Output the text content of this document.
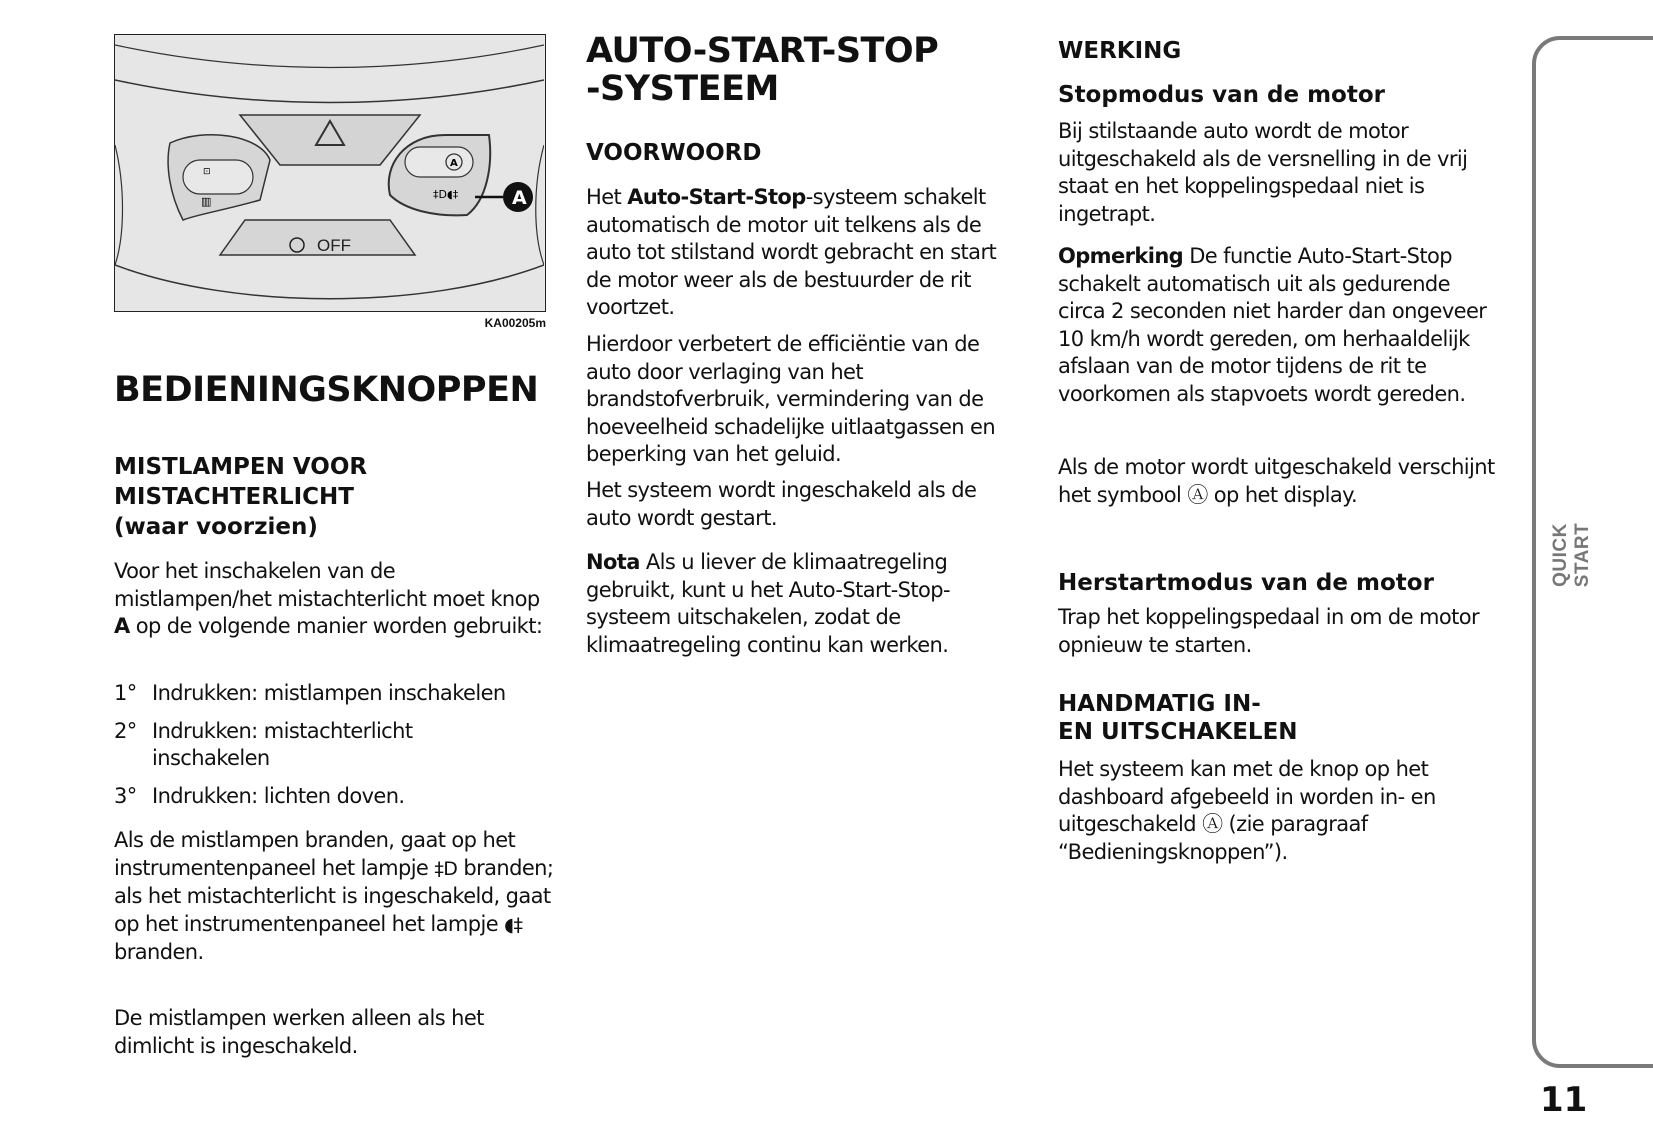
⊡
▥
A
‡D◖‡	A
OFF
KA00205m
BEDIENINGSKNOPPEN
MISTLAMPEN VOOR
MISTACHTERLICHT
(waar voorzien)

Voor het inschakelen van de mistlampen/het mistachterlicht moet knop A op de volgende manier worden gebruikt:

1° Indrukken: mistlampen inschakelen
2° Indrukken: mistachterlicht inschakelen
3° Indrukken: lichten doven.

Als de mistlampen branden, gaat op het instrumentenpaneel het lampje ‡D branden; als het mistachterlicht is ingeschakeld, gaat op het instrumentenpaneel het lampje ◖‡ branden.

De mistlampen werken alleen als het dimlicht is ingeschakeld.

AUTO-START-STOP
-SYSTEEM
VOORWOORD

Het Auto-Start-Stop-systeem schakelt automatisch de motor uit telkens als de auto tot stilstand wordt gebracht en start de motor weer als de bestuurder de rit voortzet.

Hierdoor verbetert de efficiëntie van de auto door verlaging van het brandstofverbruik, vermindering van de hoeveelheid schadelijke uitlaatgassen en beperking van het geluid.

Het systeem wordt ingeschakeld als de auto wordt gestart.

Nota Als u liever de klimaatregeling gebruikt, kunt u het Auto-Start-Stop-systeem uitschakelen, zodat de klimaatregeling continu kan werken.

WERKING
Stopmodus van de motor

Bij stilstaande auto wordt de motor uitgeschakeld als de versnelling in de vrij staat en het koppelingspedaal niet is ingetrapt.

Opmerking De functie Auto-Start-Stop schakelt automatisch uit als gedurende circa 2 seconden niet harder dan ongeveer 10 km/h wordt gereden, om herhaaldelijk afslaan van de motor tijdens de rit te voorkomen als stapvoets wordt gereden.

Als de motor wordt uitgeschakeld verschijnt het symbool Ⓐ op het display.

Herstartmodus van de motor

Trap het koppelingspedaal in om de motor opnieuw te starten.

HANDMATIG IN-
EN UITSCHAKELEN

Het systeem kan met de knop op het dashboard afgebeeld in worden in- en uitgeschakeld Ⓐ (zie paragraaf “Bedieningsknoppen”).

QUICK START
11
